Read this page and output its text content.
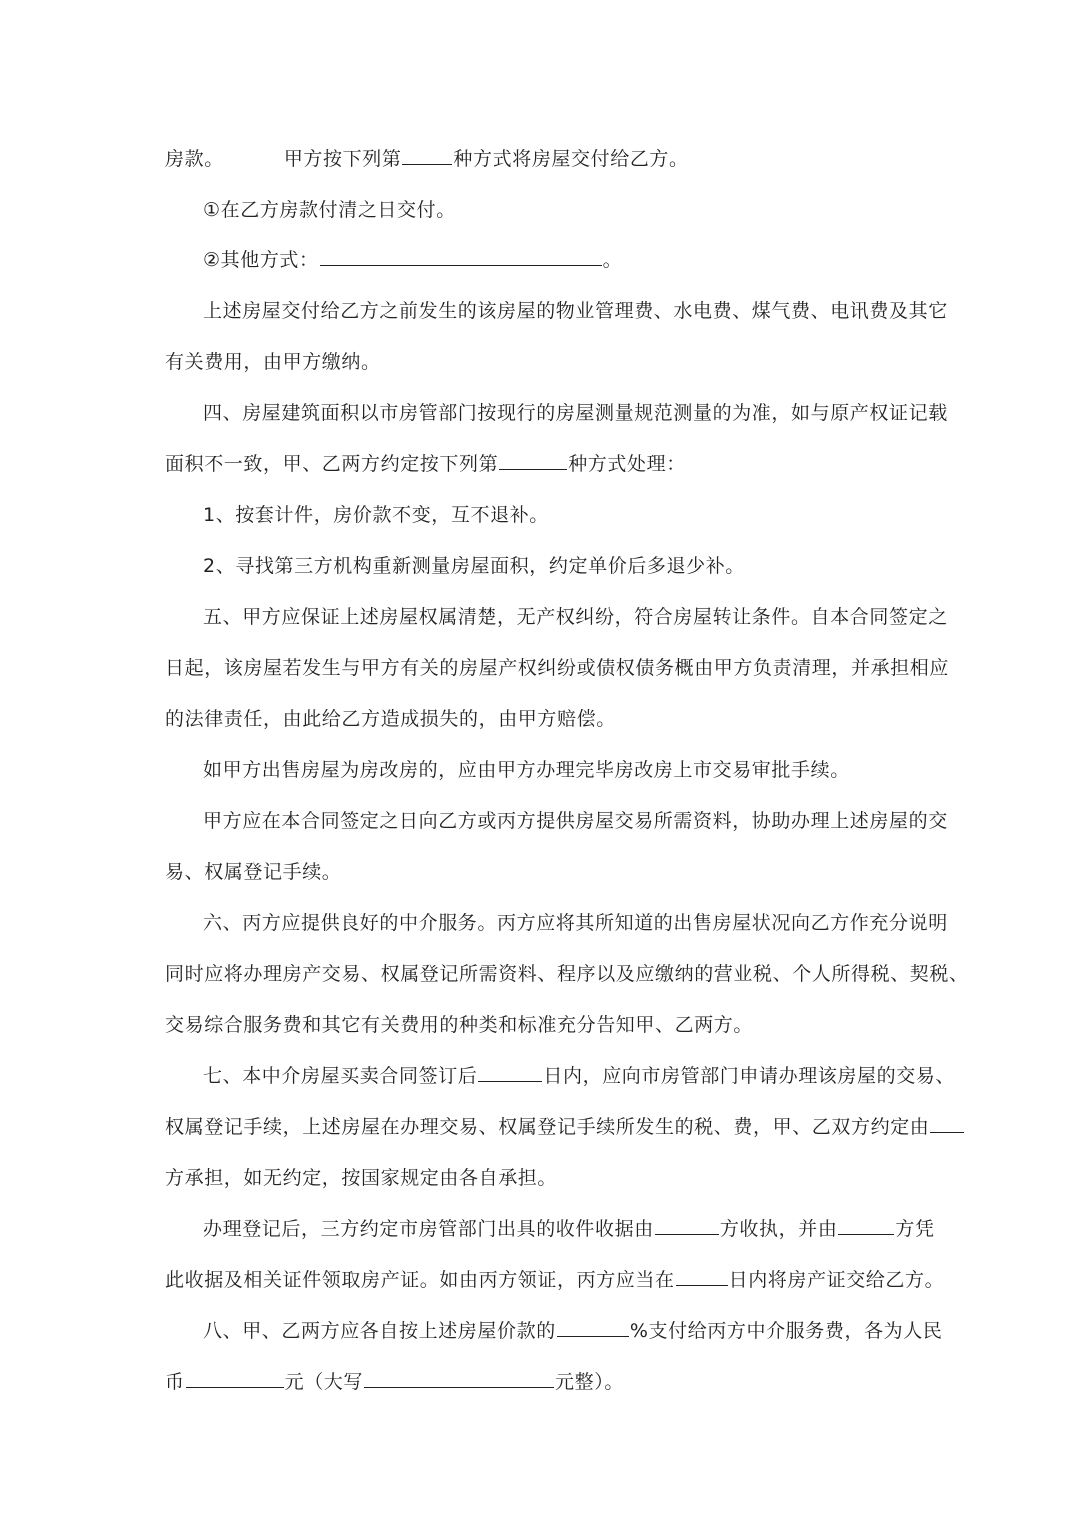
房款。	甲方按下列第	种方式将房屋交付给乙方。
①在乙方房款付清之日交付。
②其他方式：	。
上述房屋交付给乙方之前发生的该房屋的物业管理费、水电费、煤气费、电讯费及其它
有关费用，由甲方缴纳。
四、房屋建筑面积以市房管部门按现行的房屋测量规范测量的为准，如与原产权证记载
面积不一致，甲、乙两方约定按下列第	种方式处理：
1、按套计件，房价款不变，互不退补。
2、寻找第三方机构重新测量房屋面积，约定单价后多退少补。
五、甲方应保证上述房屋权属清楚，无产权纠纷，符合房屋转让条件。自本合同签定之
日起，该房屋若发生与甲方有关的房屋产权纠纷或债权债务概由甲方负责清理，并承担相应
的法律责任，由此给乙方造成损失的，由甲方赔偿。
如甲方出售房屋为房改房的，应由甲方办理完毕房改房上市交易审批手续。
甲方应在本合同签定之日向乙方或丙方提供房屋交易所需资料，协助办理上述房屋的交
易、权属登记手续。
六、丙方应提供良好的中介服务。丙方应将其所知道的出售房屋状况向乙方作充分说明
同时应将办理房产交易、权属登记所需资料、程序以及应缴纳的营业税、个人所得税、契税、
交易综合服务费和其它有关费用的种类和标准充分告知甲、乙两方。
七、本中介房屋买卖合同签订后	日内，应向市房管部门申请办理该房屋的交易、
权属登记手续，上述房屋在办理交易、权属登记手续所发生的税、费，甲、乙双方约定由
方承担，如无约定，按国家规定由各自承担。
办理登记后，三方约定市房管部门出具的收件收据由	方收执，并由	方凭
此收据及相关证件领取房产证。如由丙方领证，丙方应当在	日内将房产证交给乙方。
八、甲、乙两方应各自按上述房屋价款的	%支付给丙方中介服务费，各为人民
币	元（大写	元整）。
